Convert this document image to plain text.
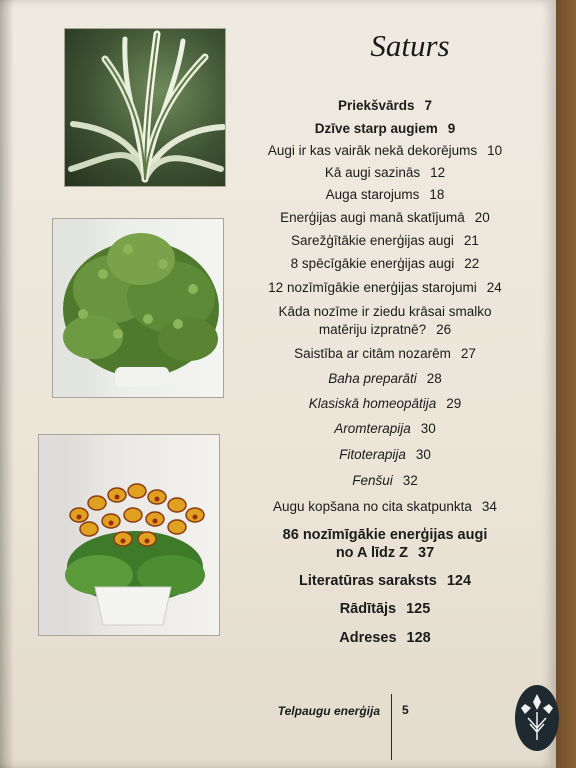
Saturs
Priekšvārds 7
Dzīve starp augiem 9
Augi ir kas vairāk nekā dekorējums 10
Kā augi sazinās 12
Auga starojums 18
Enerģijas augi manā skatījumā 20
Sarežģītākie enerģijas augi 21
8 spēcīgākie enerģijas augi 22
12 nozīmīgākie enerģijas starojumi 24
Kāda nozīme ir ziedu krāsai smalko
matēriju izpratnē? 26
Saistība ar citām nozarēm 27
Baha preparāti 28
Klasiskā homeopātija 29
Aromterapija 30
Fitoterapija 30
Fenšui 32
Augu kopšana no cita skatpunkta 34
86 nozīmīgākie enerģijas augi
no A līdz Z 37
Literatūras saraksts 124
Rādītājs 125
Adreses 128
Telpaugu enerģija 5
